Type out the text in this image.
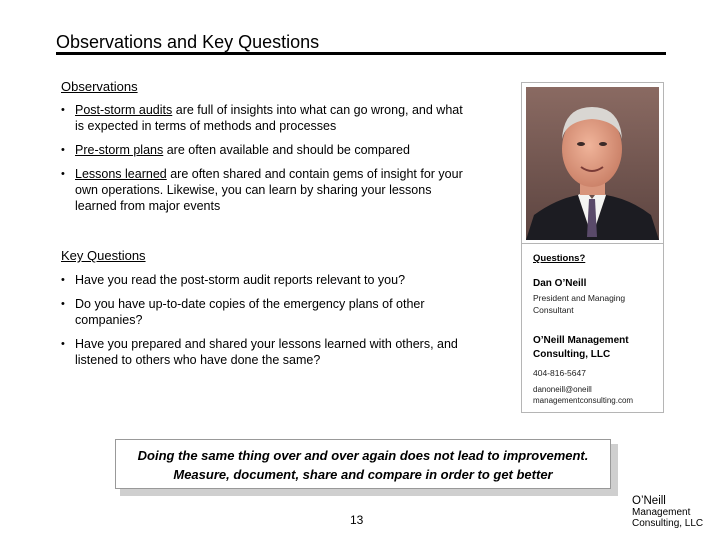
Observations and Key Questions
Observations
• Post-storm audits are full of insights into what can go wrong, and what is expected in terms of methods and processes
• Pre-storm plans are often available and should be compared
• Lessons learned are often shared and contain gems of insight for your own operations. Likewise, you can learn by sharing your lessons learned from major events
Key Questions
• Have you read the post-storm audit reports relevant to you?
• Do you have up-to-date copies of the emergency plans of other companies?
• Have you prepared and shared your lessons learned with others, and listened to others who have done the same?
Questions?
Dan O’Neill
President and Managing Consultant
O’Neill Management Consulting, LLC
404-816-5647
danoneill@oneill managementconsulting.com
Doing the same thing over and over again does not lead to improvement.
Measure, document, share and compare in order to get better
13
O’Neill
Management
Consulting, LLC
